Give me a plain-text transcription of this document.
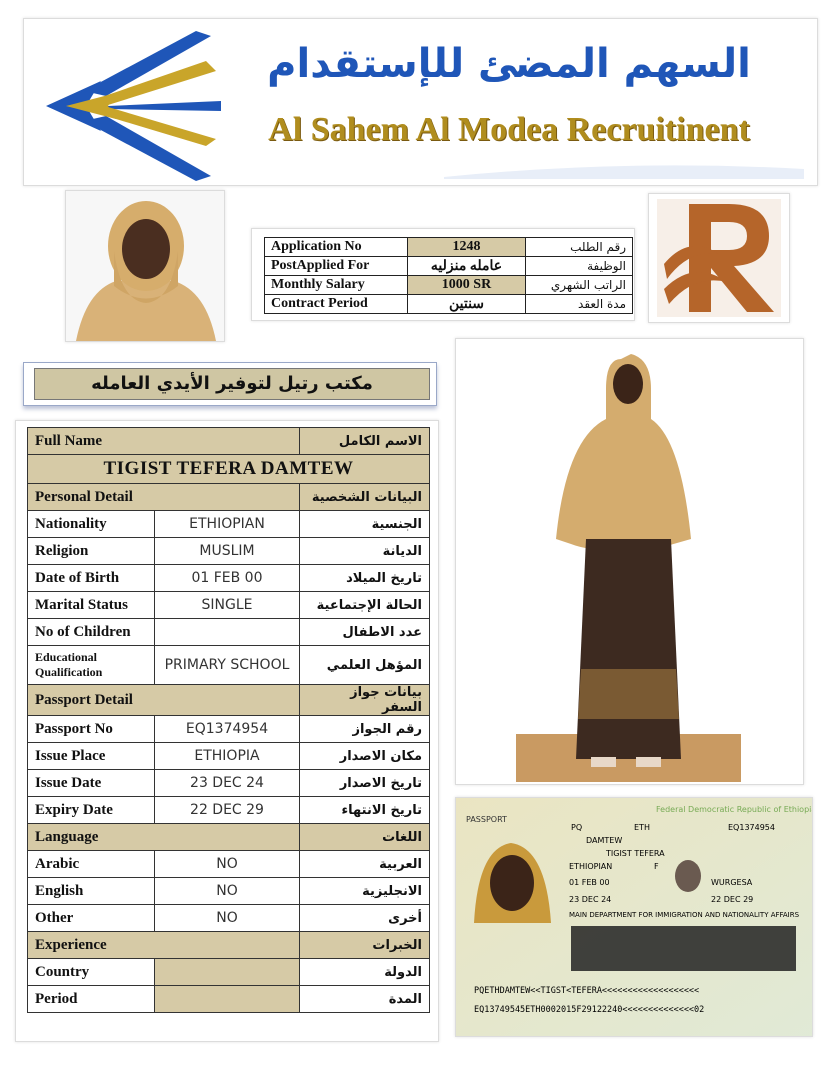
السهم المضئ للإستقدام
Al Sahem Al Modea Recruitinent
Application No	1248	رقم الطلب
PostApplied For	عامله منزليه	الوظيفة
Monthly Salary	1000 SR	الراتب الشهري
Contract Period	سنتين	مدة العقد
مكتب رتيل لتوفير الأيدي العامله
Full Name		الاسم الكامل
TIGIST TEFERA DAMTEW		
Personal Detail		البيانات الشخصية
Nationality	ETHIOPIAN	الجنسية
Religion	MUSLIM	الديانة
Date of Birth	01 FEB 00	تاريخ الميلاد
Marital Status	SINGLE	الحالة الإجتماعية
No of Children		عدد الاطفال
Educational Qualification	PRIMARY SCHOOL	المؤهل العلمي
Passport Detail		بيانات جواز السفر
Passport No	EQ1374954	رقم الجواز
Issue Place	ETHIOPIA	مكان الاصدار
Issue Date	23 DEC 24	تاريخ الاصدار
Expiry Date	22 DEC 29	تاريخ الانتهاء
Language		اللغات
Arabic	NO	العربية
English	NO	الانجليزية
Other	NO	أخرى
Experience		الخبرات
Country		الدولة
Period		المدة
Federal Democratic Republic of Ethiopia
PASSPORT
PQ	ETH	EQ1374954
DAMTEW
TIGIST TEFERA
ETHIOPIAN	F
01 FEB 00	WURGESA
23 DEC 24	22 DEC 29
MAIN DEPARTMENT FOR IMMIGRATION AND NATIONALITY AFFAIRS
PQETHDAMTEW<<TIGST<TEFERA<<<<<<<<<<<<<<<<<<<
EQ13749545ETH0002015F29122240<<<<<<<<<<<<<<02
